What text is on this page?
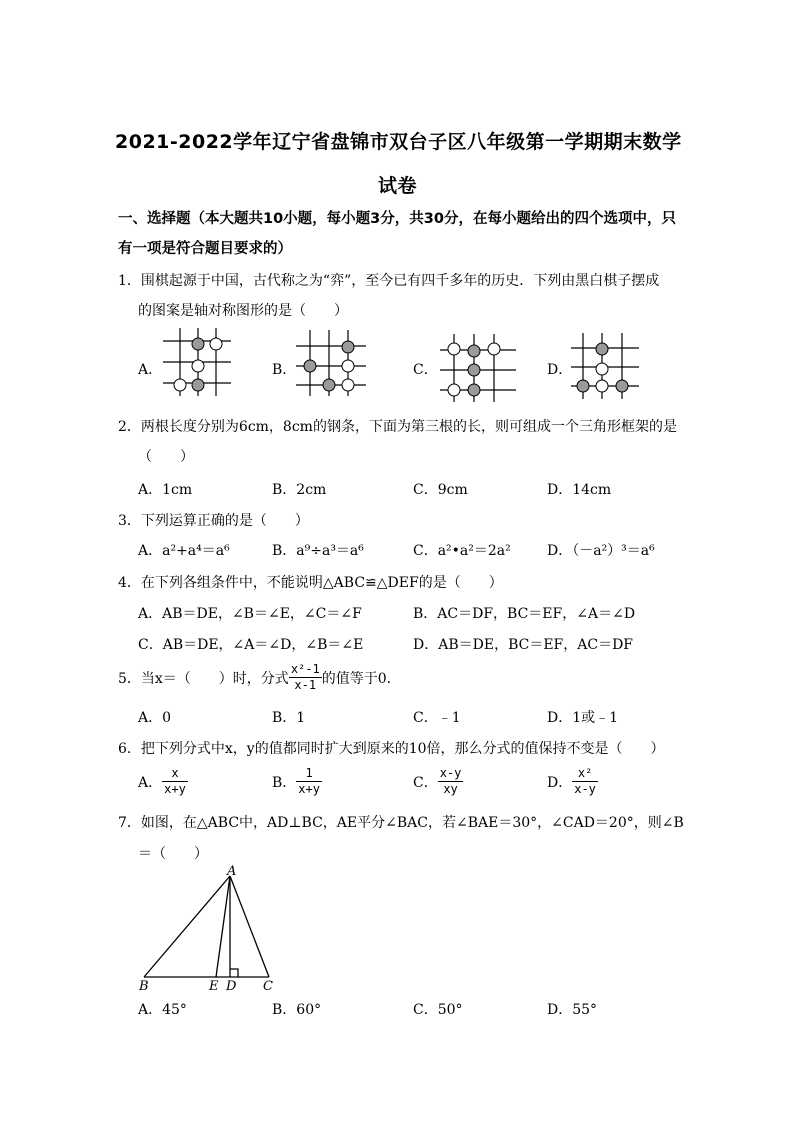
2021-2022学年辽宁省盘锦市双台子区八年级第一学期期末数学
试卷
一、选择题（本大题共10小题，每小题3分，共30分，在每小题给出的四个选项中，只
有一项是符合题目要求的）
1．围棋起源于中国，古代称之为“弈”，至今已有四千多年的历史．下列由黑白棋子摆成
的图案是轴对称图形的是（　　）
A．	B．	C．	D．
2．两根长度分别为6cm，8cm的钢条，下面为第三根的长，则可组成一个三角形框架的是
（　　）
A．1cm	B．2cm	C．9cm	D．14cm
3．下列运算正确的是（　　）
A．a²+a⁴＝a⁶	B．a⁹÷a³＝a⁶	C．a²•a²＝2a²	D．（－a²）³＝a⁶
4．在下列各组条件中，不能说明△ABC≌△DEF的是（　　）
A．AB＝DE，∠B＝∠E，∠C＝∠F	B．AC＝DF，BC＝EF，∠A＝∠D
C．AB＝DE，∠A＝∠D，∠B＝∠E	D．AB＝DE，BC＝EF，AC＝DF
5．当x＝（　　）时，分式 $\frac{\text{x²-1}}{x-1}$ 的值等于0．
A．0	B．1	C．﹣1	D．1或﹣1
6．把下列分式中x，y的值都同时扩大到原来的10倍，那么分式的值保持不变是（　　）
A． $\frac{x}{x+y}$	B． $\frac{1}{x+y}$	C． $\frac{x-y}{xy}$	D． $\frac{\text{x²}}{x-y}$
7．如图，在△ABC中，AD⊥BC，AE平分∠BAC，若∠BAE＝30°，∠CAD＝20°，则∠B
＝（　　）
A
B	E D C
A．45°	B．60°	C．50°	D．55°
